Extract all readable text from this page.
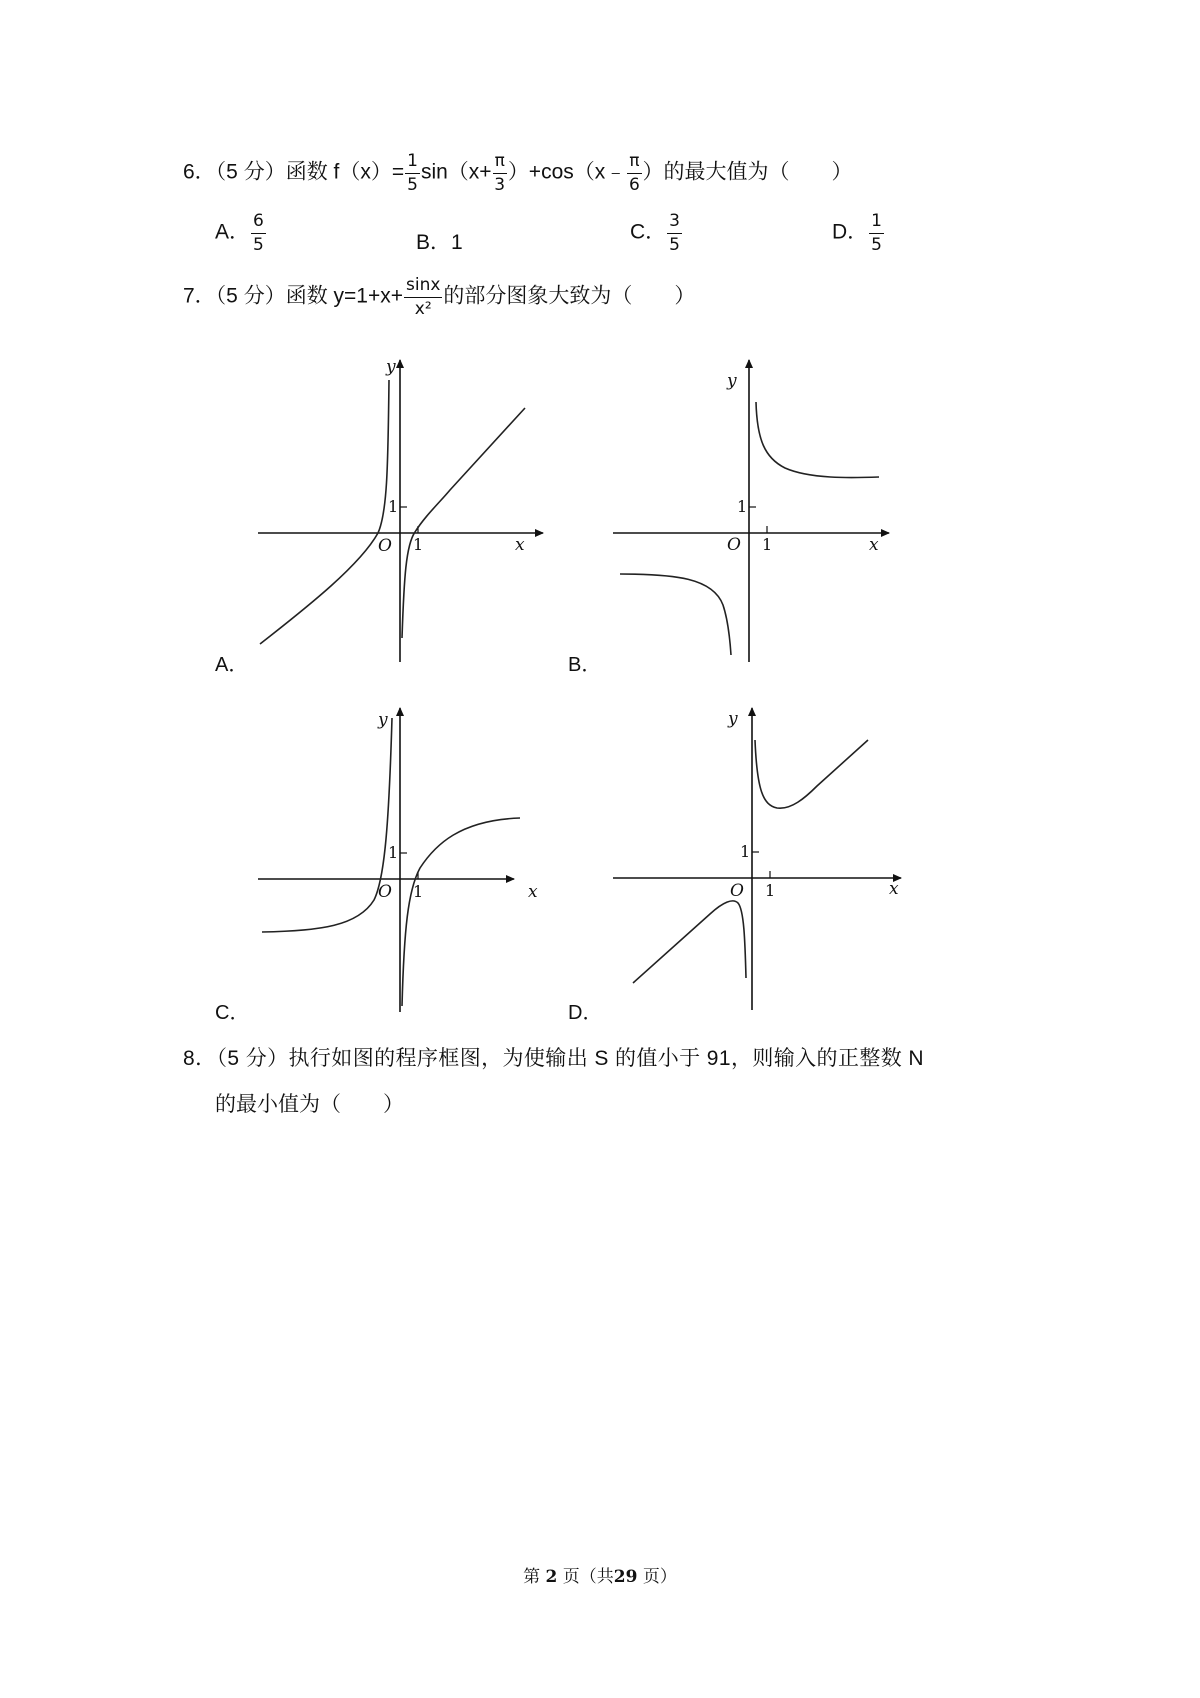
6．（5 分）函数 $f(x)= \frac{1}{5} \sin(x+ \frac{\pi}{3}$ ）+cos（x﹣ $\frac{\pi}{6}$ ）的最大值为（　　）
A． $\frac{6}{5}$	B．1	C． $\frac{3}{5}$	D． $\frac{1}{5}$
7．（5 分）函数 $y=1+x+ \frac{\sin x}{\text{x²}}$ 的部分图象大致为（　　）
y
x
O 1
1
A．
y
x
O 1
1
B．
y
x
O 1
1
C．
y
x
O 1
1
D．
8．（5 分）执行如图的程序框图，为使输出 S 的值小于 91，则输入的正整数 N
的最小值为（　　）
第 2 页（共29 页）
